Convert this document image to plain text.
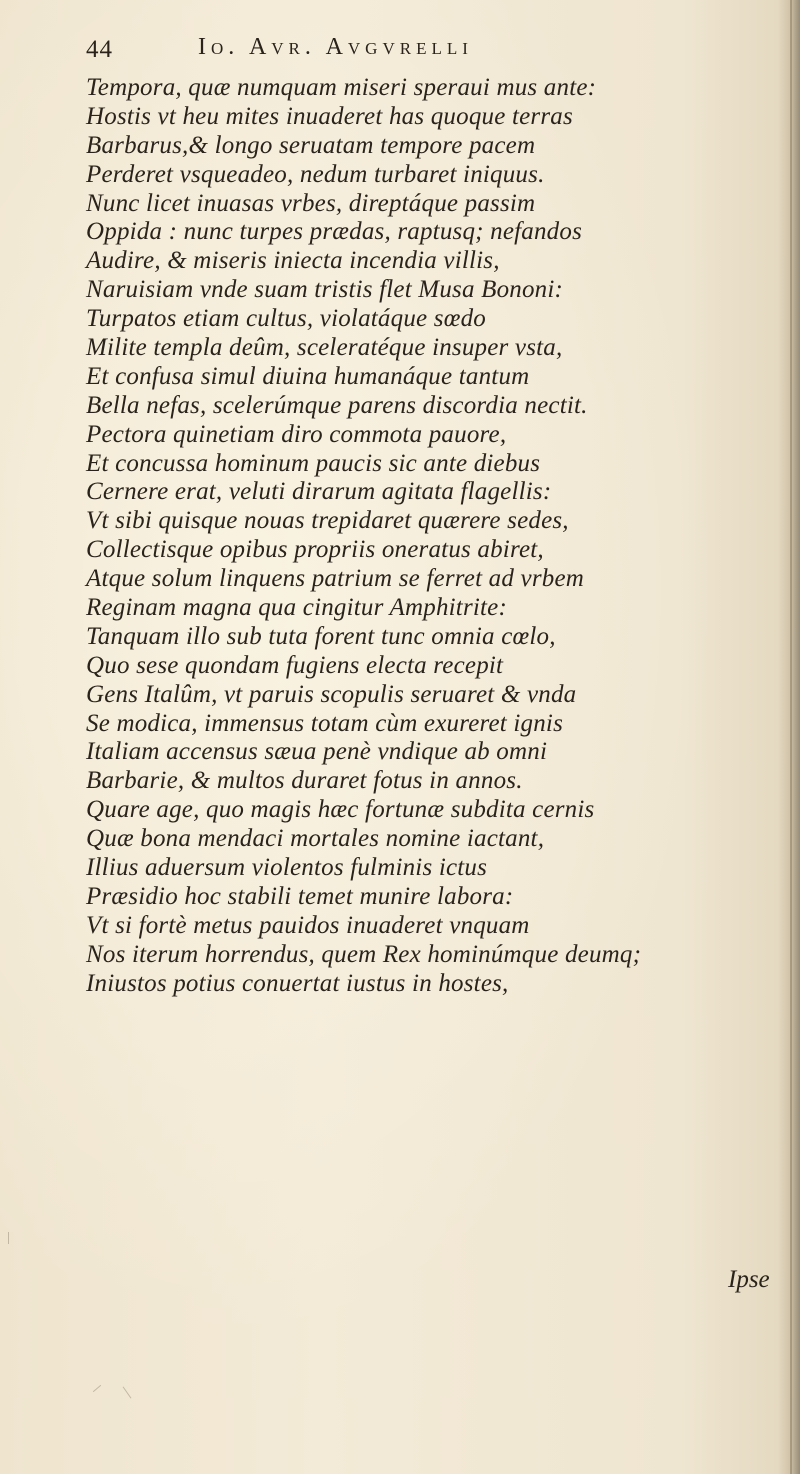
44	Io. Avr. Avgvrelli
Tempora, quæ numquam miseri speraui mus ante:
Hostis vt heu mites inuaderet has quoque terras
Barbarus,& longo seruatam tempore pacem
Perderet vsqueadeo, nedum turbaret iniquus.
Nunc licet inuasas vrbes, direptáque passim
Oppida : nunc turpes prædas, raptusq; nefandos
Audire, & miseris iniecta incendia villis,
Naruisiam vnde suam tristis flet Musa Bononi:
Turpatos etiam cultus, violatáque sœdo
Milite templa deûm, sceleratéque insuper vsta,
Et confusa simul diuina humanáque tantum
Bella nefas, scelerúmque parens discordia nectit.
Pectora quinetiam diro commota pauore,
Et concussa hominum paucis sic ante diebus
Cernere erat, veluti dirarum agitata flagellis:
Vt sibi quisque nouas trepidaret quærere sedes,
Collectisque opibus propriis oneratus abiret,
Atque solum linquens patrium se ferret ad vrbem
Reginam magna qua cingitur Amphitrite:
Tanquam illo sub tuta forent tunc omnia cœlo,
Quo sese quondam fugiens electa recepit
Gens Italûm, vt paruis scopulis seruaret & vnda
Se modica, immensus totam cùm exureret ignis
Italiam accensus sæua penè vndique ab omni
Barbarie, & multos duraret fotus in annos.
Quare age, quo magis hæc fortunæ subdita cernis
Quæ bona mendaci mortales nomine iactant,
Illius aduersum violentos fulminis ictus
Præsidio hoc stabili temet munire labora:
Vt si fortè metus pauidos inuaderet vnquam
Nos iterum horrendus, quem Rex hominúmque deumq;
Iniustos potius conuertat iustus in hostes,
Ipse
